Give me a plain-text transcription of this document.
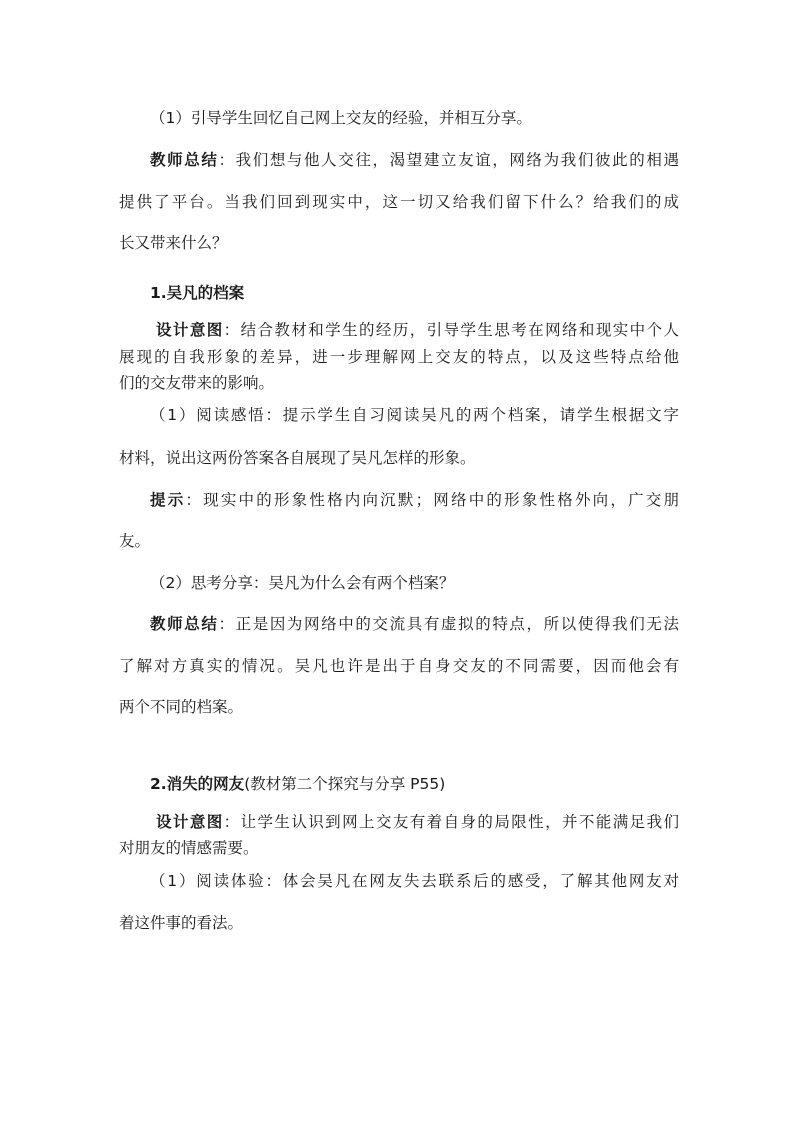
（1）引导学生回忆自己网上交友的经验，并相互分享。
教师总结：我们想与他人交往，渴望建立友谊，网络为我们彼此的相遇
提供了平台。当我们回到现实中，这一切又给我们留下什么？给我们的成
长又带来什么？
1.吴凡的档案
设计意图：结合教材和学生的经历，引导学生思考在网络和现实中个人
展现的自我形象的差异，进一步理解网上交友的特点，以及这些特点给他
们的交友带来的影响。
（1）阅读感悟：提示学生自习阅读吴凡的两个档案，请学生根据文字
材料，说出这两份答案各自展现了吴凡怎样的形象。
提示：现实中的形象性格内向沉默；网络中的形象性格外向，广交朋
友。
（2）思考分享：吴凡为什么会有两个档案？
教师总结：正是因为网络中的交流具有虚拟的特点，所以使得我们无法
了解对方真实的情况。吴凡也许是出于自身交友的不同需要，因而他会有
两个不同的档案。
2.消失的网友(教材第二个探究与分享 P55)
设计意图：让学生认识到网上交友有着自身的局限性，并不能满足我们
对朋友的情感需要。
（1）阅读体验：体会吴凡在网友失去联系后的感受，了解其他网友对
着这件事的看法。
